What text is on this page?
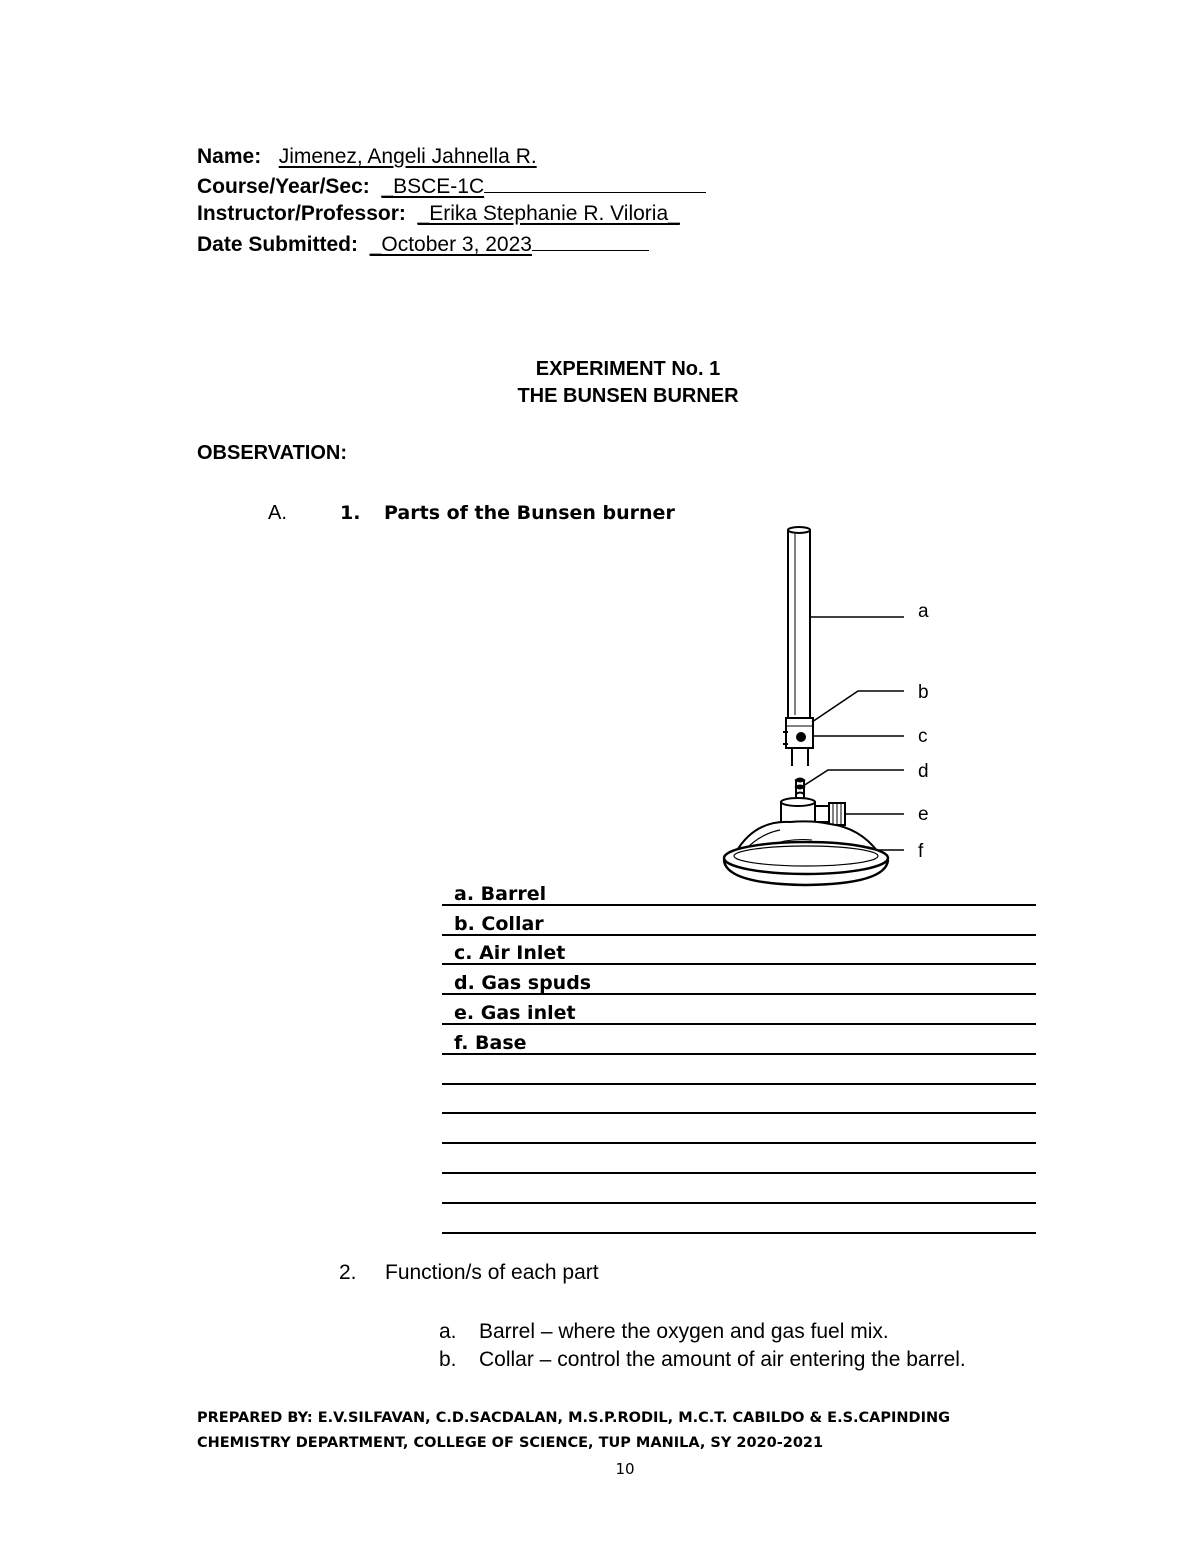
Name: Jimenez, Angeli Jahnella R.
Course/Year/Sec: _BSCE-1C
Instructor/Professor: _Erika Stephanie R. Viloria_
Date Submitted: _October 3, 2023
EXPERIMENT No. 1
THE BUNSEN BURNER
OBSERVATION:
A.	1. Parts of the Bunsen burner
a
b
c
d
e
f
a. Barrel
b. Collar
c. Air Inlet
d. Gas spuds
e. Gas inlet
f. Base
2. Function/s of each part
a. Barrel – where the oxygen and gas fuel mix.
b. Collar – control the amount of air entering the barrel.
PREPARED BY: E.V.SILFAVAN, C.D.SACDALAN, M.S.P.RODIL, M.C.T. CABILDO & E.S.CAPINDING CHEMISTRY DEPARTMENT, COLLEGE OF SCIENCE, TUP MANILA, SY 2020-2021
10
